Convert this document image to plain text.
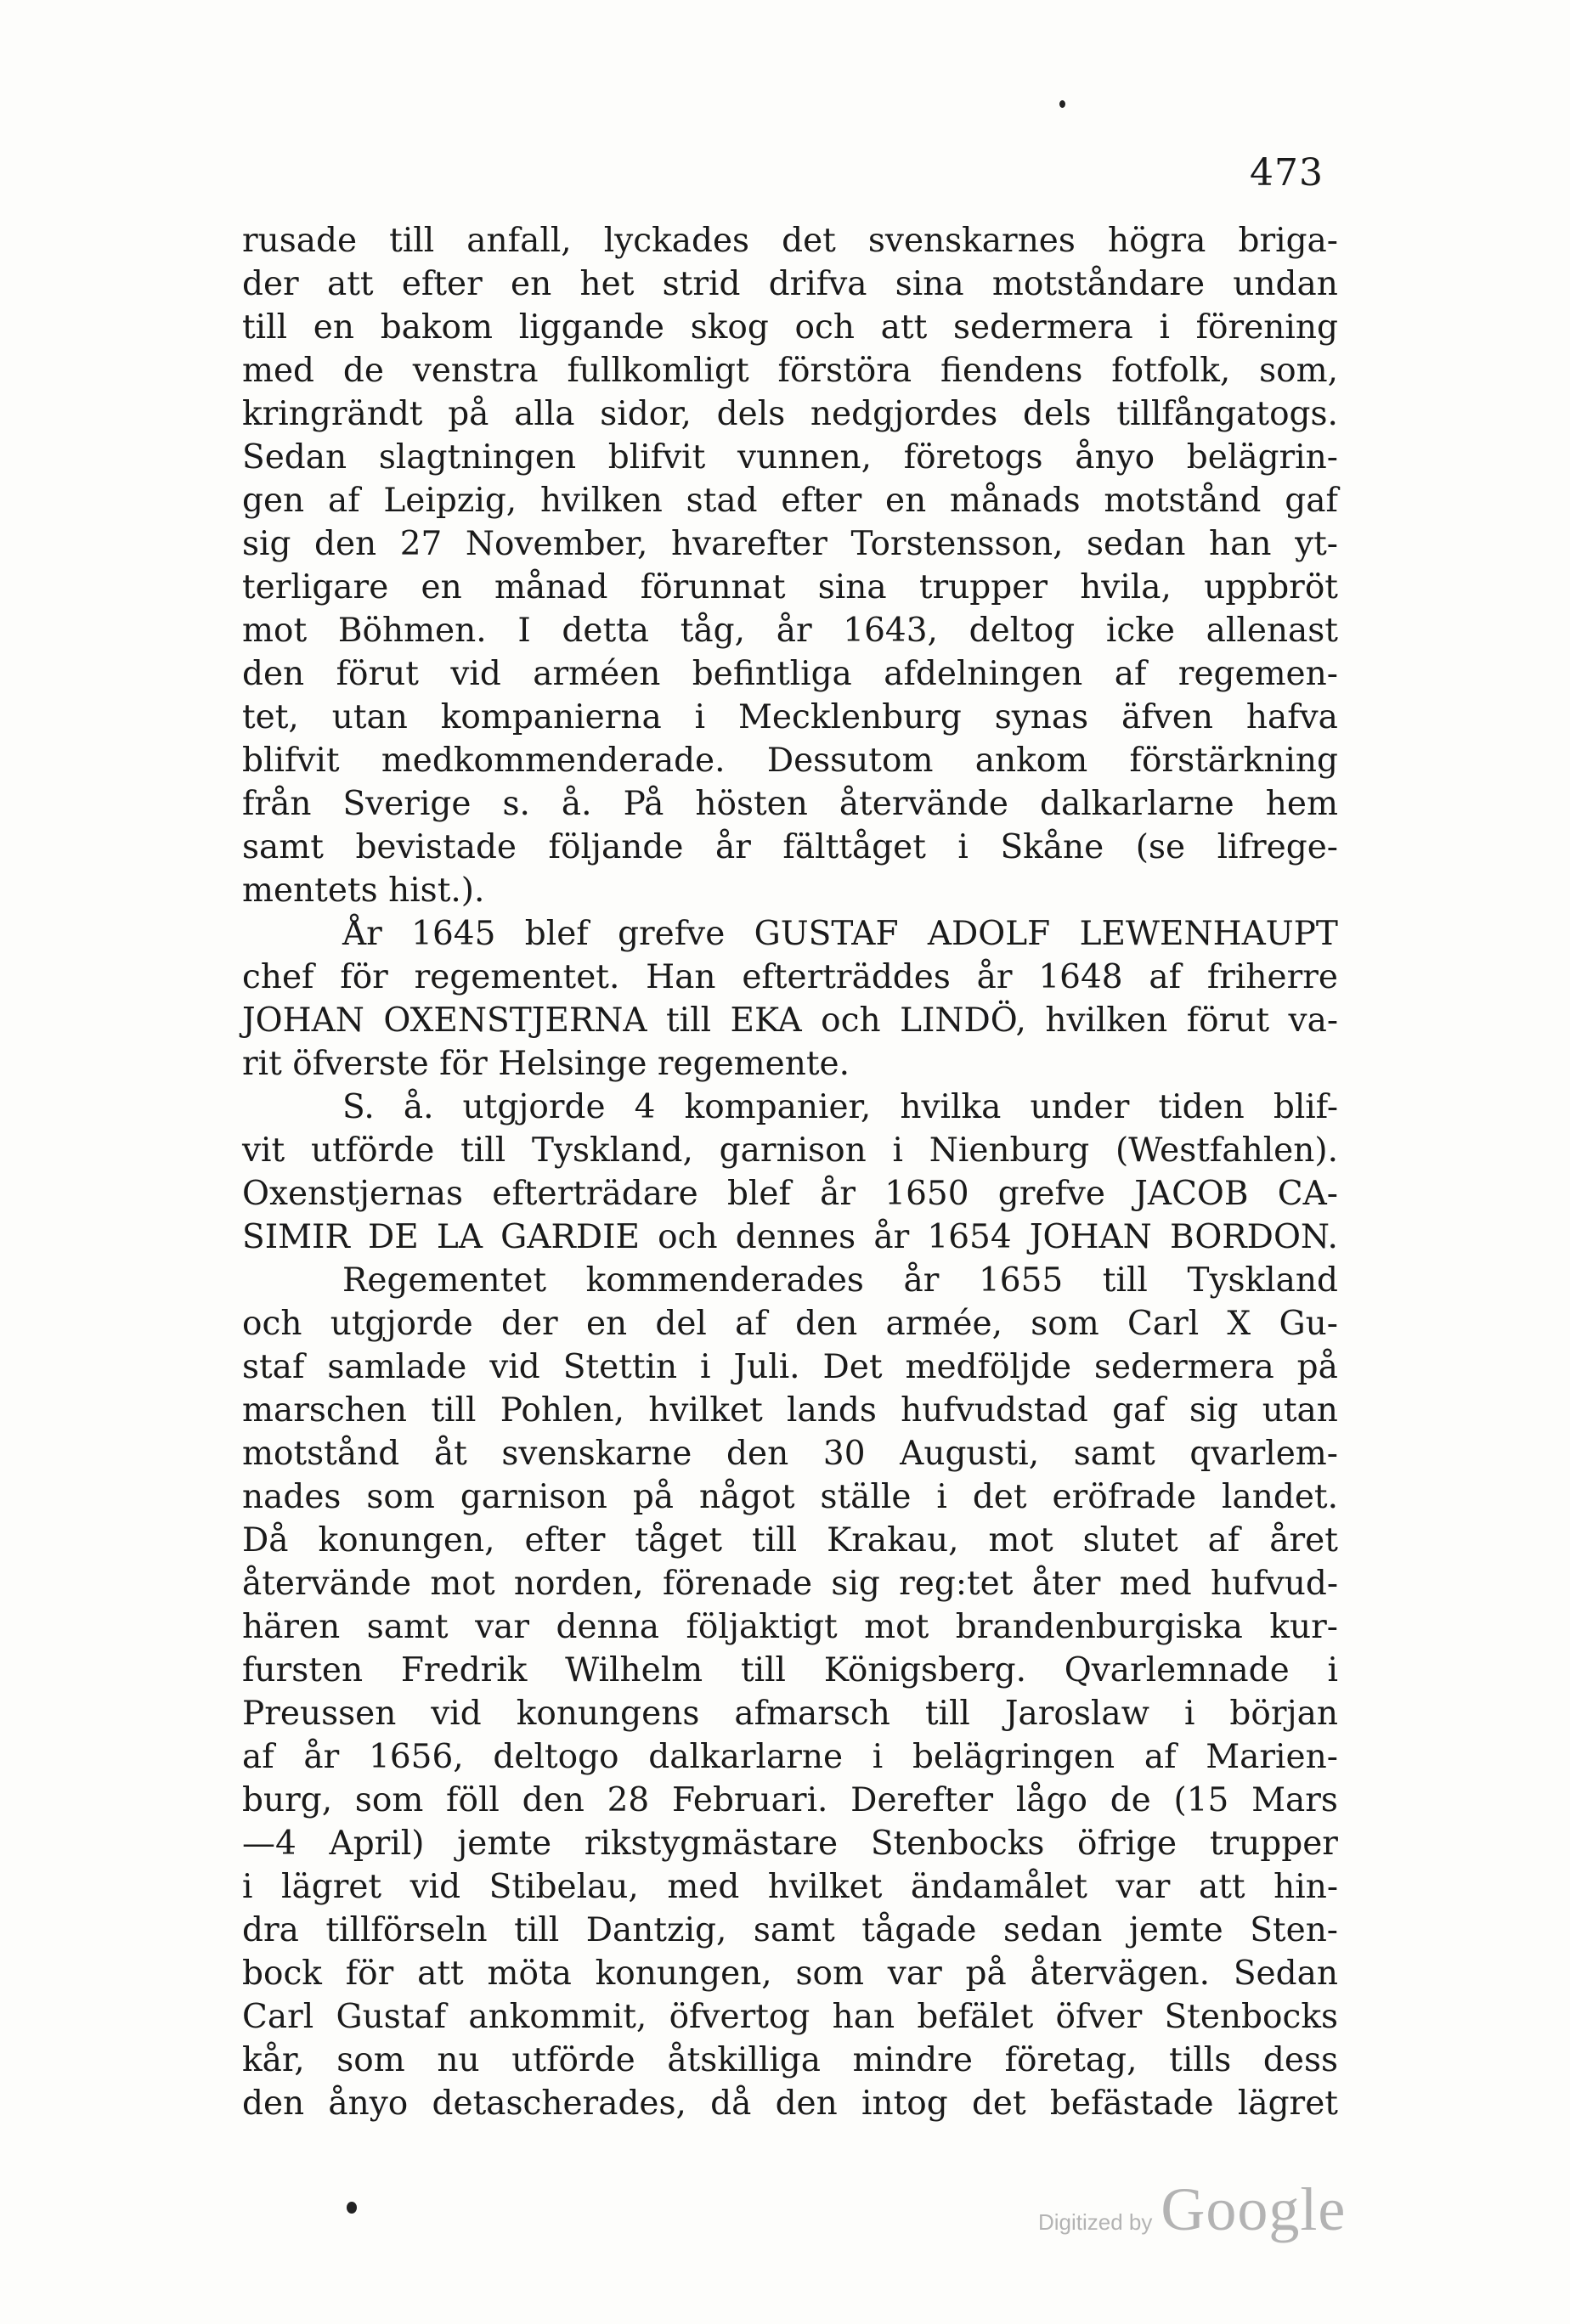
473
rusade till anfall, lyckades det svenskarnes högra briga-
der att efter en het strid drifva sina motståndare undan
till en bakom liggande skog och att sedermera i förening
med de venstra fullkomligt förstöra fiendens fotfolk, som,
kringrändt på alla sidor, dels nedgjordes dels tillfångatogs.
Sedan slagtningen blifvit vunnen, företogs ånyo belägrin-
gen af Leipzig, hvilken stad efter en månads motstånd gaf
sig den 27 November, hvarefter Torstensson, sedan han yt-
terligare en månad förunnat sina trupper hvila, uppbröt
mot Böhmen. I detta tåg, år 1643, deltog icke allenast
den förut vid arméen befintliga afdelningen af regemen-
tet, utan kompanierna i Mecklenburg synas äfven hafva
blifvit medkommenderade. Dessutom ankom förstärkning
från Sverige s. å. På hösten återvände dalkarlarne hem
samt bevistade följande år fälttåget i Skåne (se lifrege-
mentets hist.).
År 1645 blef grefve GUSTAF ADOLF LEWENHAUPT
chef för regementet. Han efterträddes år 1648 af friherre
JOHAN OXENSTJERNA till EKA och LINDÖ, hvilken förut va-
rit öfverste för Helsinge regemente.
S. å. utgjorde 4 kompanier, hvilka under tiden blif-
vit utförde till Tyskland, garnison i Nienburg (Westfahlen).
Oxenstjernas efterträdare blef år 1650 grefve JACOB CA-
SIMIR DE LA GARDIE och dennes år 1654 JOHAN BORDON.
Regementet kommenderades år 1655 till Tyskland
och utgjorde der en del af den armée, som Carl X Gu-
staf samlade vid Stettin i Juli. Det medföljde sedermera på
marschen till Pohlen, hvilket lands hufvudstad gaf sig utan
motstånd åt svenskarne den 30 Augusti, samt qvarlem-
nades som garnison på något ställe i det eröfrade landet.
Då konungen, efter tåget till Krakau, mot slutet af året
återvände mot norden, förenade sig reg:tet åter med hufvud-
hären samt var denna följaktigt mot brandenburgiska kur-
fursten Fredrik Wilhelm till Königsberg. Qvarlemnade i
Preussen vid konungens afmarsch till Jaroslaw i början
af år 1656, deltogo dalkarlarne i belägringen af Marien-
burg, som föll den 28 Februari. Derefter lågo de (15 Mars
—4 April) jemte rikstygmästare Stenbocks öfrige trupper
i lägret vid Stibelau, med hvilket ändamålet var att hin-
dra tillförseln till Dantzig, samt tågade sedan jemte Sten-
bock för att möta konungen, som var på återvägen. Sedan
Carl Gustaf ankommit, öfvertog han befälet öfver Stenbocks
kår, som nu utförde åtskilliga mindre företag, tills dess
den ånyo detascherades, då den intog det befästade lägret
Digitized by Google
